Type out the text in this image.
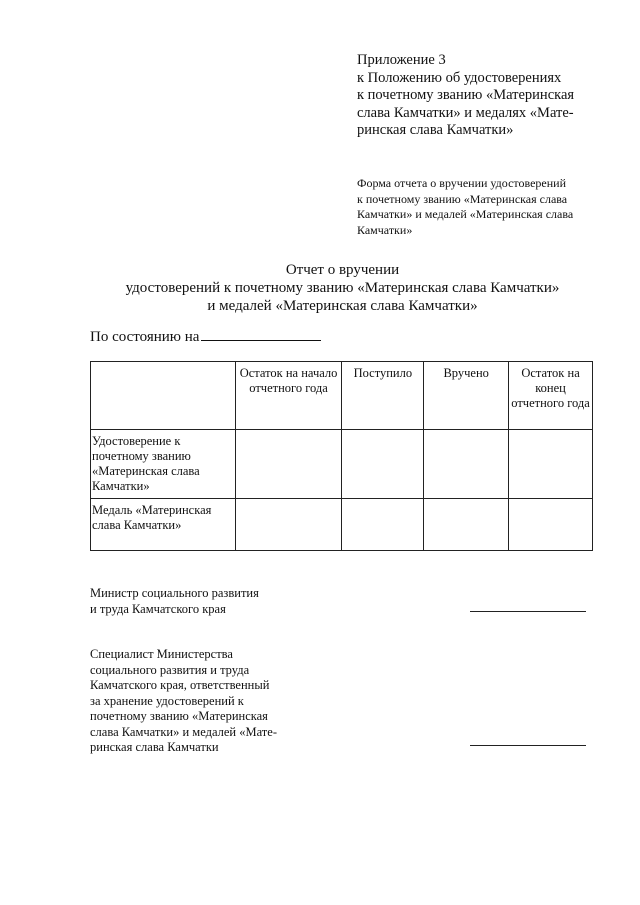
Приложение 3
к Положению об удостоверениях
к почетному званию «Материнская
слава Камчатки» и медалях «Мате-
ринская слава Камчатки»
Форма отчета о вручении удостоверений
к почетному званию «Материнская слава
Камчатки» и медалей «Материнская слава
Камчатки»
Отчет о вручении
удостоверений к почетному званию «Материнская слава Камчатки»
и медалей «Материнская слава Камчатки»
По состоянию на
	Остаток на начало отчетного года	Поступило	Вручено	Остаток на конец отчетного года
Удостоверение к почетному званию «Материнская слава Камчатки»				
Медаль «Материнская слава Камчатки»				
Министр социального развития
и труда Камчатского края
Специалист Министерства
социального развития и труда
Камчатского края, ответственный
за хранение удостоверений к
почетному званию «Материнская
слава Камчатки» и медалей «Мате-
ринская слава Камчатки
